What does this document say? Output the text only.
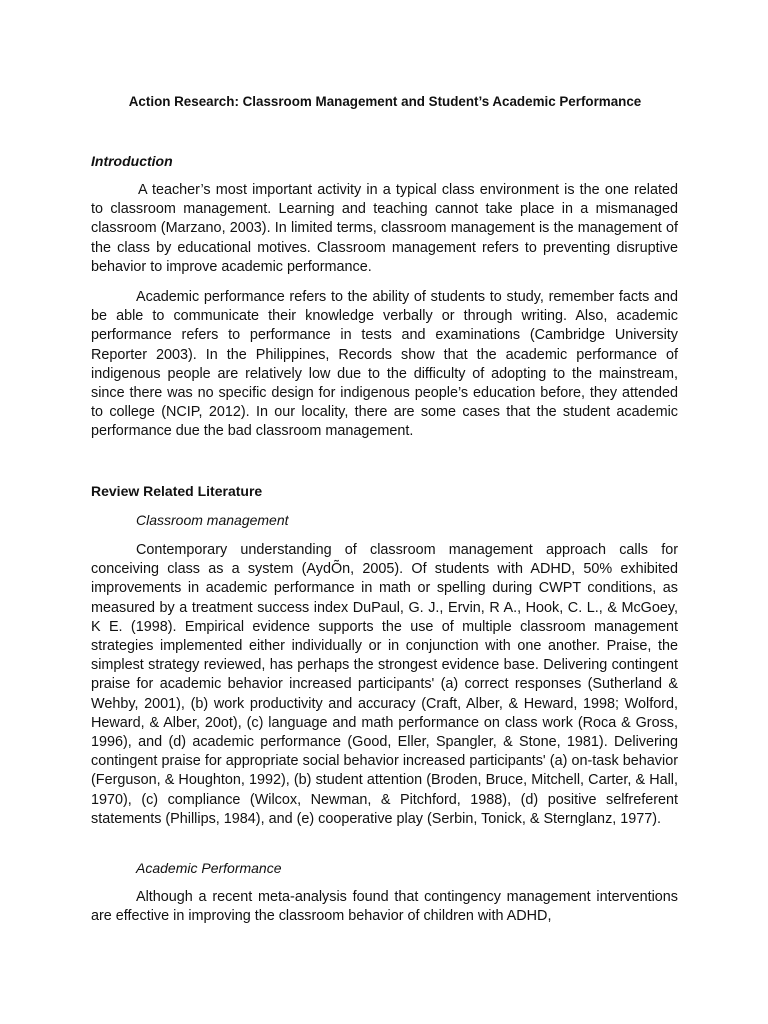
Action Research: Classroom Management and Student’s Academic Performance
Introduction

A teacher’s most important activity in a typical class environment is the one related to classroom management. Learning and teaching cannot take place in a mismanaged classroom (Marzano, 2003). In limited terms, classroom management is the management of the class by educational motives. Classroom management refers to preventing disruptive behavior to improve academic performance.

Academic performance refers to the ability of students to study, remember facts and be able to communicate their knowledge verbally or through writing. Also, academic performance refers to performance in tests and examinations (Cambridge University Reporter 2003). In the Philippines, Records show that the academic performance of indigenous people are relatively low due to the difficulty of adopting to the mainstream, since there was no specific design for indigenous people’s education before, they attended to college (NCIP, 2012). In our locality, there are some cases that the student academic performance due the bad classroom management.

Review Related Literature
Classroom management

Contemporary understanding of classroom management approach calls for conceiving class as a system (AydÕn, 2005). Of students with ADHD, 50% exhibited improvements in academic performance in math or spelling during CWPT conditions, as measured by a treatment success index DuPaul, G. J., Ervin, R A., Hook, C. L., & McGoey, K E. (1998). Empirical evidence supports the use of multiple classroom management strategies implemented either individually or in conjunction with one another. Praise, the simplest strategy reviewed, has perhaps the strongest evidence base. Delivering contingent praise for academic behavior increased participants' (a) correct responses (Sutherland & Wehby, 2001), (b) work productivity and accuracy (Craft, Alber, & Heward, 1998; Wolford, Heward, & Alber, 20ot), (c) language and math performance on class work (Roca & Gross, 1996), and (d) academic performance (Good, Eller, Spangler, & Stone, 1981). Delivering contingent praise for appropriate social behavior increased participants' (a) on-task behavior (Ferguson, & Houghton, 1992), (b) student attention (Broden, Bruce, Mitchell, Carter, & Hall, 1970), (c) compliance (Wilcox, Newman, & Pitchford, 1988), (d) positive selfreferent statements (Phillips, 1984), and (e) cooperative play (Serbin, Tonick, & Sternglanz, 1977).

Academic Performance

Although a recent meta-analysis found that contingency management interventions are effective in improving the classroom behavior of children with ADHD,
